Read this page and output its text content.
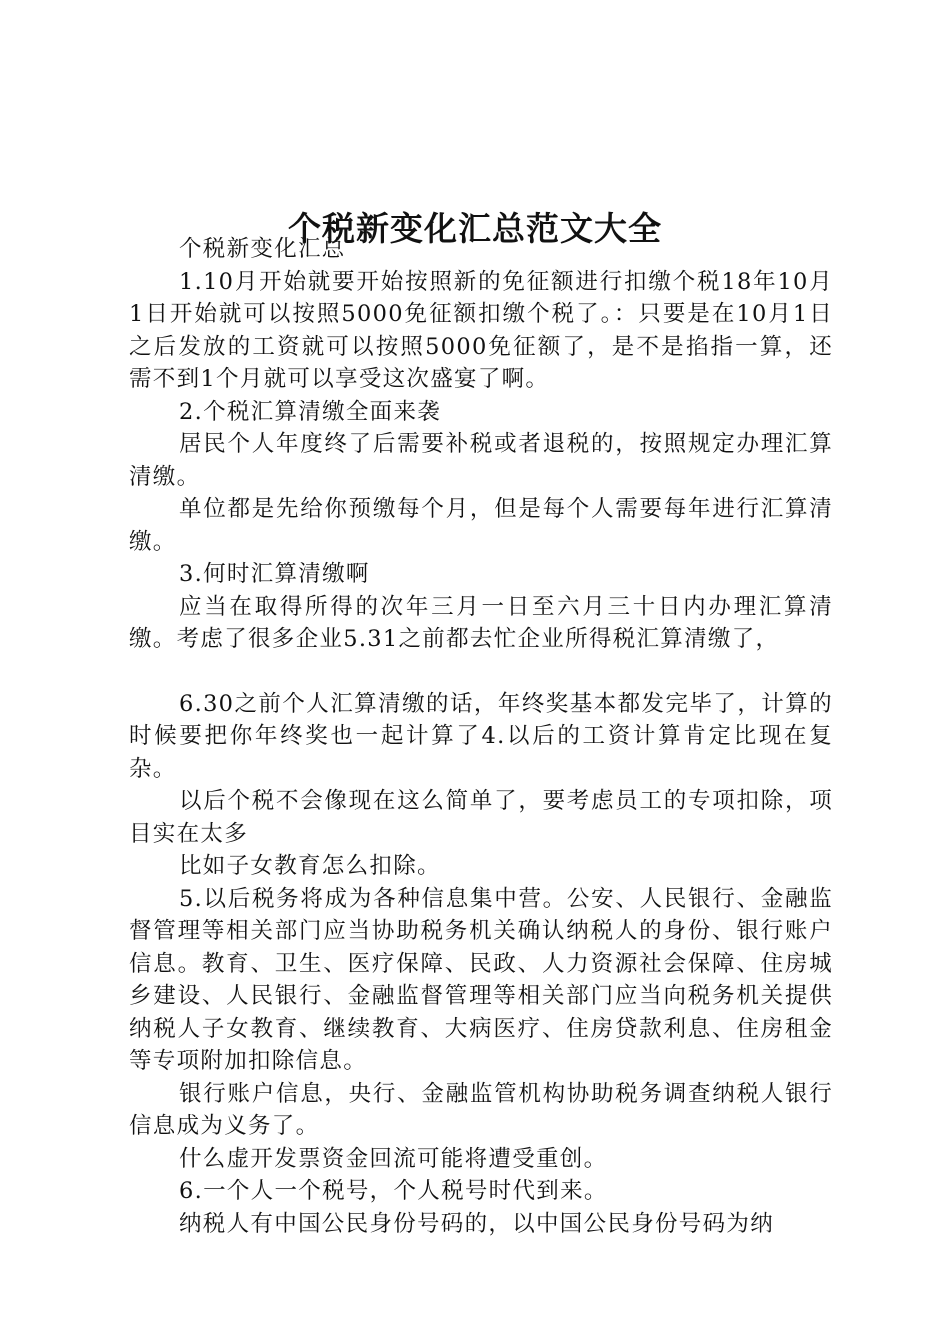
个税新变化汇总范文大全

个税新变化汇总

1.10月开始就要开始按照新的免征额进行扣缴个税18年10月1日开始就可以按照5000免征额扣缴个税了。：只要是在10月1日之后发放的工资就可以按照5000免征额了，是不是掐指一算，还需不到1个月就可以享受这次盛宴了啊。

2.个税汇算清缴全面来袭

居民个人年度终了后需要补税或者退税的，按照规定办理汇算清缴。

单位都是先给你预缴每个月，但是每个人需要每年进行汇算清缴。

3.何时汇算清缴啊

应当在取得所得的次年三月一日至六月三十日内办理汇算清缴。考虑了很多企业5.31之前都去忙企业所得税汇算清缴了，

6.30之前个人汇算清缴的话，年终奖基本都发完毕了，计算的时候要把你年终奖也一起计算了4.以后的工资计算肯定比现在复杂。

以后个税不会像现在这么简单了，要考虑员工的专项扣除，项目实在太多

比如子女教育怎么扣除。

5.以后税务将成为各种信息集中营。公安、人民银行、金融监督管理等相关部门应当协助税务机关确认纳税人的身份、银行账户信息。教育、卫生、医疗保障、民政、人力资源社会保障、住房城乡建设、人民银行、金融监督管理等相关部门应当向税务机关提供纳税人子女教育、继续教育、大病医疗、住房贷款利息、住房租金等专项附加扣除信息。

银行账户信息，央行、金融监管机构协助税务调查纳税人银行信息成为义务了。

什么虚开发票资金回流可能将遭受重创。

6.一个人一个税号，个人税号时代到来。

纳税人有中国公民身份号码的，以中国公民身份号码为纳
